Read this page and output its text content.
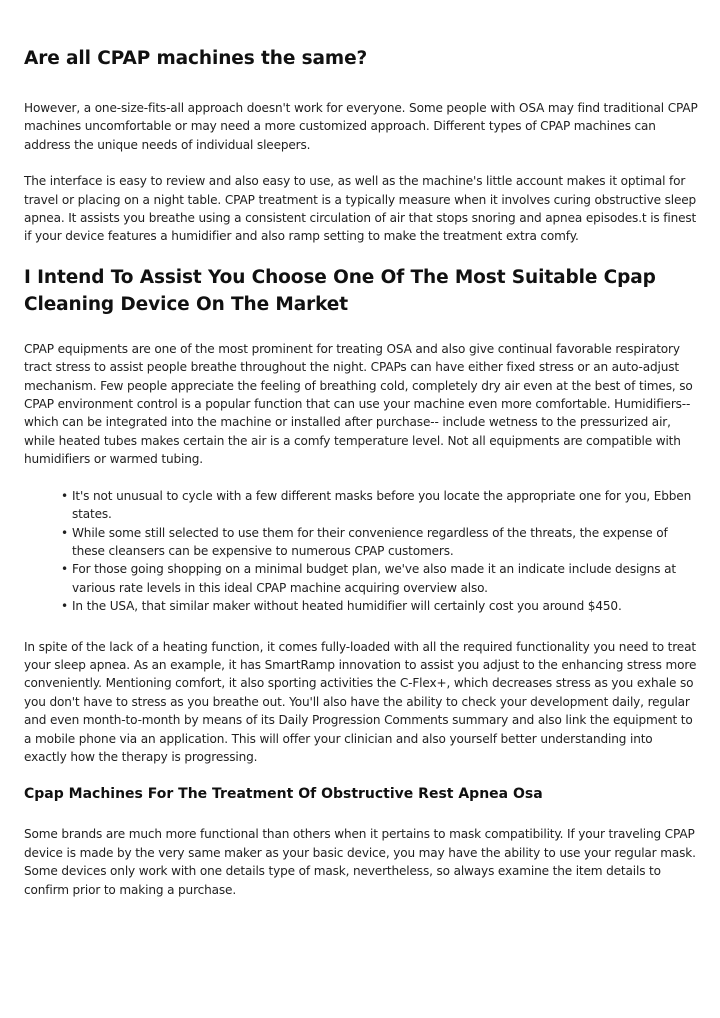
Are all CPAP machines the same?

However, a one-size-fits-all approach doesn't work for everyone. Some people with OSA may find traditional CPAP machines uncomfortable or may need a more customized approach. Different types of CPAP machines can address the unique needs of individual sleepers.

The interface is easy to review and also easy to use, as well as the machine's little account makes it optimal for travel or placing on a night table. CPAP treatment is a typically measure when it involves curing obstructive sleep apnea. It assists you breathe using a consistent circulation of air that stops snoring and apnea episodes.t is finest if your device features a humidifier and also ramp setting to make the treatment extra comfy.

I Intend To Assist You Choose One Of The Most Suitable Cpap Cleaning Device On The Market

CPAP equipments are one of the most prominent for treating OSA and also give continual favorable respiratory tract stress to assist people breathe throughout the night. CPAPs can have either fixed stress or an auto-adjust mechanism. Few people appreciate the feeling of breathing cold, completely dry air even at the best of times, so CPAP environment control is a popular function that can use your machine even more comfortable. Humidifiers-- which can be integrated into the machine or installed after purchase-- include wetness to the pressurized air, while heated tubes makes certain the air is a comfy temperature level. Not all equipments are compatible with humidifiers or warmed tubing.

• It's not unusual to cycle with a few different masks before you locate the appropriate one for you, Ebben states.
• While some still selected to use them for their convenience regardless of the threats, the expense of these cleansers can be expensive to numerous CPAP customers.
• For those going shopping on a minimal budget plan, we've also made it an indicate include designs at various rate levels in this ideal CPAP machine acquiring overview also.
• In the USA, that similar maker without heated humidifier will certainly cost you around $450.

In spite of the lack of a heating function, it comes fully-loaded with all the required functionality you need to treat your sleep apnea. As an example, it has SmartRamp innovation to assist you adjust to the enhancing stress more conveniently. Mentioning comfort, it also sporting activities the C-Flex+, which decreases stress as you exhale so you don't have to stress as you breathe out. You'll also have the ability to check your development daily, regular and even month-to-month by means of its Daily Progression Comments summary and also link the equipment to a mobile phone via an application. This will offer your clinician and also yourself better understanding into exactly how the therapy is progressing.

Cpap Machines For The Treatment Of Obstructive Rest Apnea Osa

Some brands are much more functional than others when it pertains to mask compatibility. If your traveling CPAP device is made by the very same maker as your basic device, you may have the ability to use your regular mask. Some devices only work with one details type of mask, nevertheless, so always examine the item details to confirm prior to making a purchase.
